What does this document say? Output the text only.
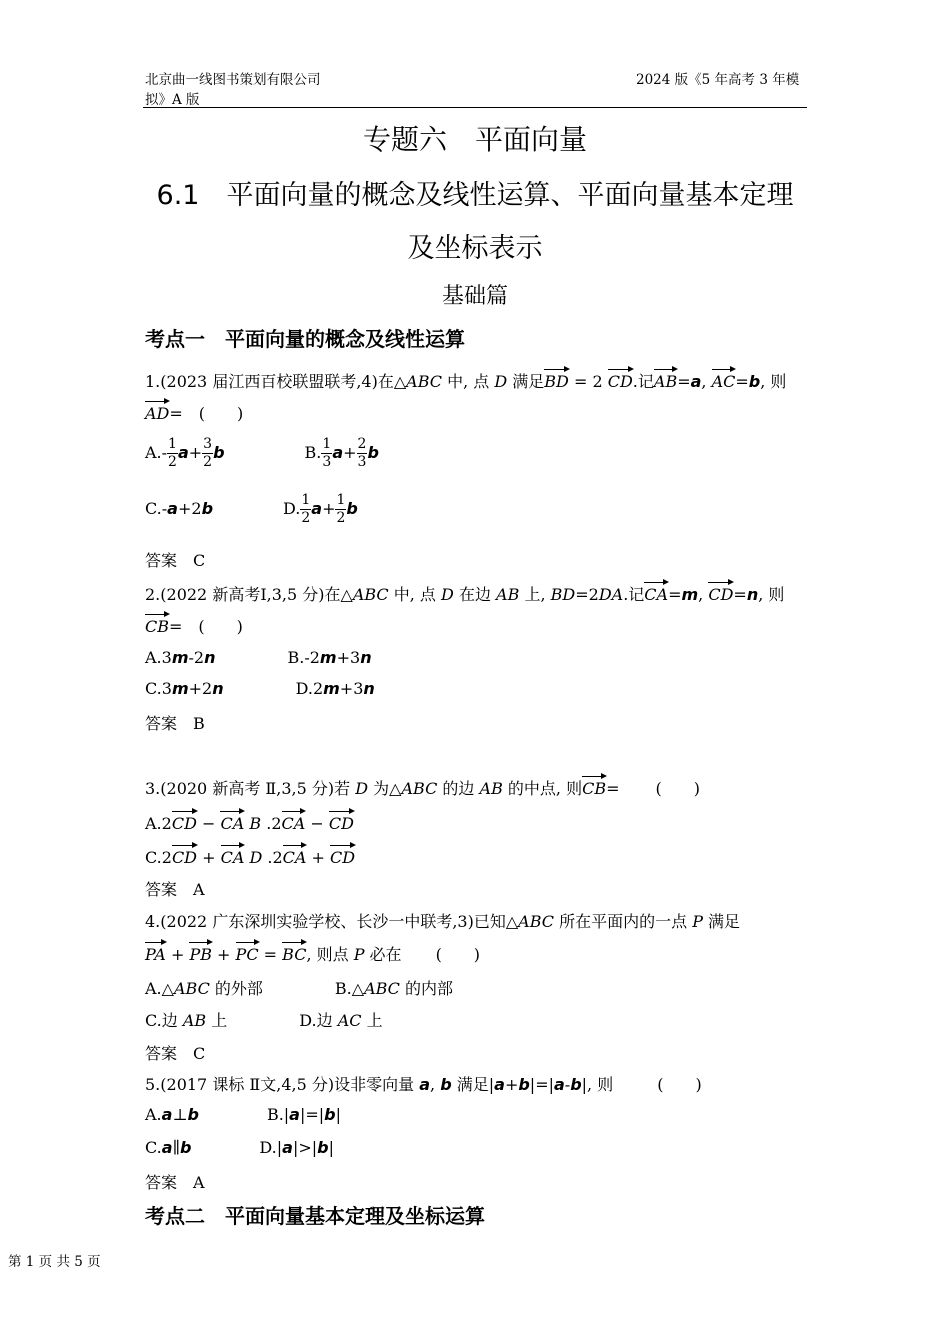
北京曲一线图书策划有限公司
拟》A 版
2024 版《5 年高考 3 年模
专题六　平面向量
6.1　平面向量的概念及线性运算、平面向量基本定理
及坐标表示
基础篇
考点一　平面向量的概念及线性运算
1.(2023 届江西百校联盟联考,4)在△ABC 中, 点 D 满足BD = 2 CD.记AB=a, AC=b, 则
AD=　(　　)
$A.- \frac{1}{2} a+ \frac{3}{2}$ b	B. $\frac{1}{3} a+ \frac{2}{3}$ b
C.-a+2b	D. $\frac{1}{2} a+ \frac{1}{2}$ b
答案　C
2.(2022 新高考Ⅰ,3,5 分)在△ABC 中, 点 D 在边 AB 上, BD=2DA.记CA=m, CD=n, 则
CB=　(　　)
A.3m-2n	B.-2m+3n
C.3m+2n	D.2m+3n
答案　B
3.(2020 新高考 Ⅱ,3,5 分)若 D 为△ABC 的边 AB 的中点, 则CB= (　　)
A.2CD − CA B .2CA − CD
C.2CD + CA D .2CA + CD
答案　A
4.(2022 广东深圳实验学校、长沙一中联考,3)已知△ABC 所在平面内的一点 P 满足
PA + PB + PC = BC, 则点 P 必在 (　　)
A.△ABC 的外部	B.△ABC 的内部
C.边 AB 上	D.边 AC 上
答案　C
5.(2017 课标 Ⅱ文,4,5 分)设非零向量 a, b 满足|a+b|=|a-b|, 则	(　　)
A.a⊥b	B.|a|=|b|
C.a∥b	D.|a|>|b|
答案　A
考点二　平面向量基本定理及坐标运算
第 1 页 共 5 页
